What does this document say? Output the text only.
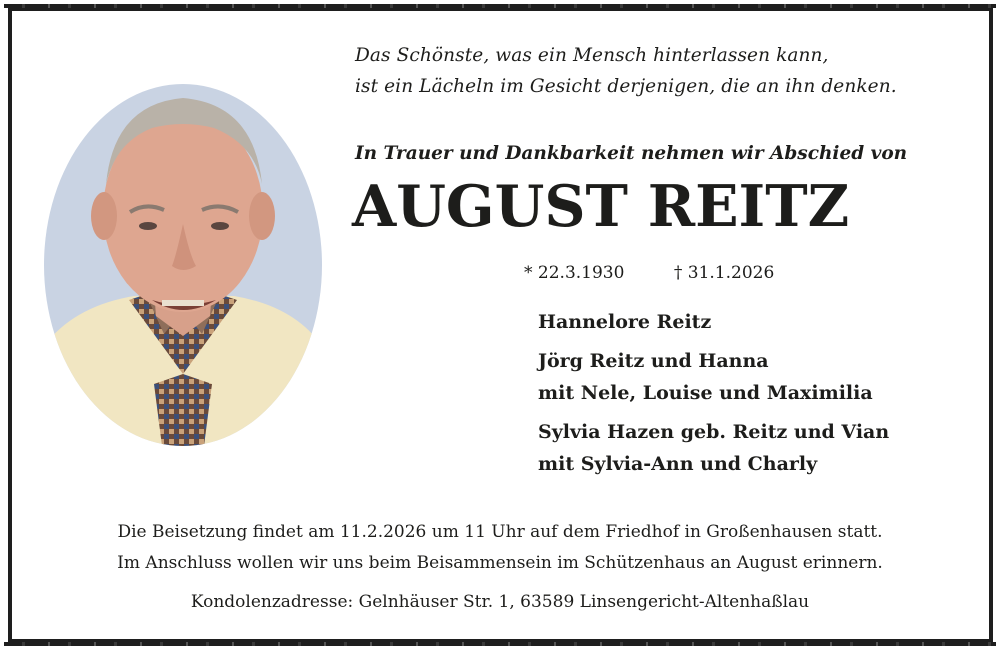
Das Schönste, was ein Mensch hinterlassen kann,
ist ein Lächeln im Gesicht derjenigen, die an ihn denken.
In Trauer und Dankbarkeit nehmen wir Abschied von
AUGUST REITZ
* 22.3.1930	† 31.1.2026
Hannelore Reitz
Jörg Reitz und Hanna
mit Nele, Louise und Maximilia
Sylvia Hazen geb. Reitz und Vian
mit Sylvia-Ann und Charly
Die Beisetzung findet am 11.2.2026 um 11 Uhr auf dem Friedhof in Großenhausen statt.
Im Anschluss wollen wir uns beim Beisammensein im Schützenhaus an August erinnern.
Kondolenzadresse: Gelnhäuser Str. 1, 63589 Linsengericht-Altenhaßlau
